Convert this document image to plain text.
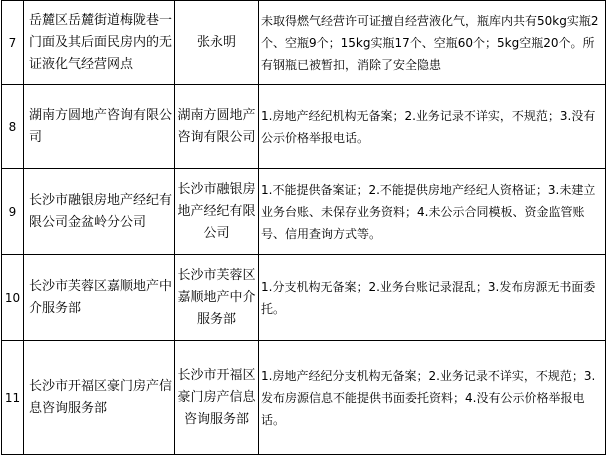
7	岳麓区岳麓街道梅陇巷一门面及其后面民房内的无证液化气经营网点	张永明	未取得燃气经营许可证擅自经营液化气，瓶库内共有50kg实瓶2个、空瓶9个；15kg实瓶17个、空瓶60个；5kg空瓶20个。所有钢瓶已被暂扣，消除了安全隐患
8	湖南方圆地产咨询有限公司	湖南方圆地产咨询有限公司	1.房地产经纪机构无备案；2.业务记录不详实，不规范；3.没有公示价格举报电话。
9	长沙市融银房地产经纪有限公司金盆岭分公司	长沙市融银房地产经纪有限公司	1.不能提供备案证；2.不能提供房地产经纪人资格证；3.未建立业务台账、未保存业务资料；4.未公示合同模板、资金监管账号、信用查询方式等。
10	长沙市芙蓉区嘉顺地产中介服务部	长沙市芙蓉区嘉顺地产中介服务部	1.分支机构无备案；2.业务台账记录混乱；3.发布房源无书面委托。
11	长沙市开福区豪门房产信息咨询服务部	长沙市开福区豪门房产信息咨询服务部	1.房地产经纪分支机构无备案；2.业务记录不详实，不规范；3.发布房源信息不能提供书面委托资料；4.没有公示价格举报电话。
